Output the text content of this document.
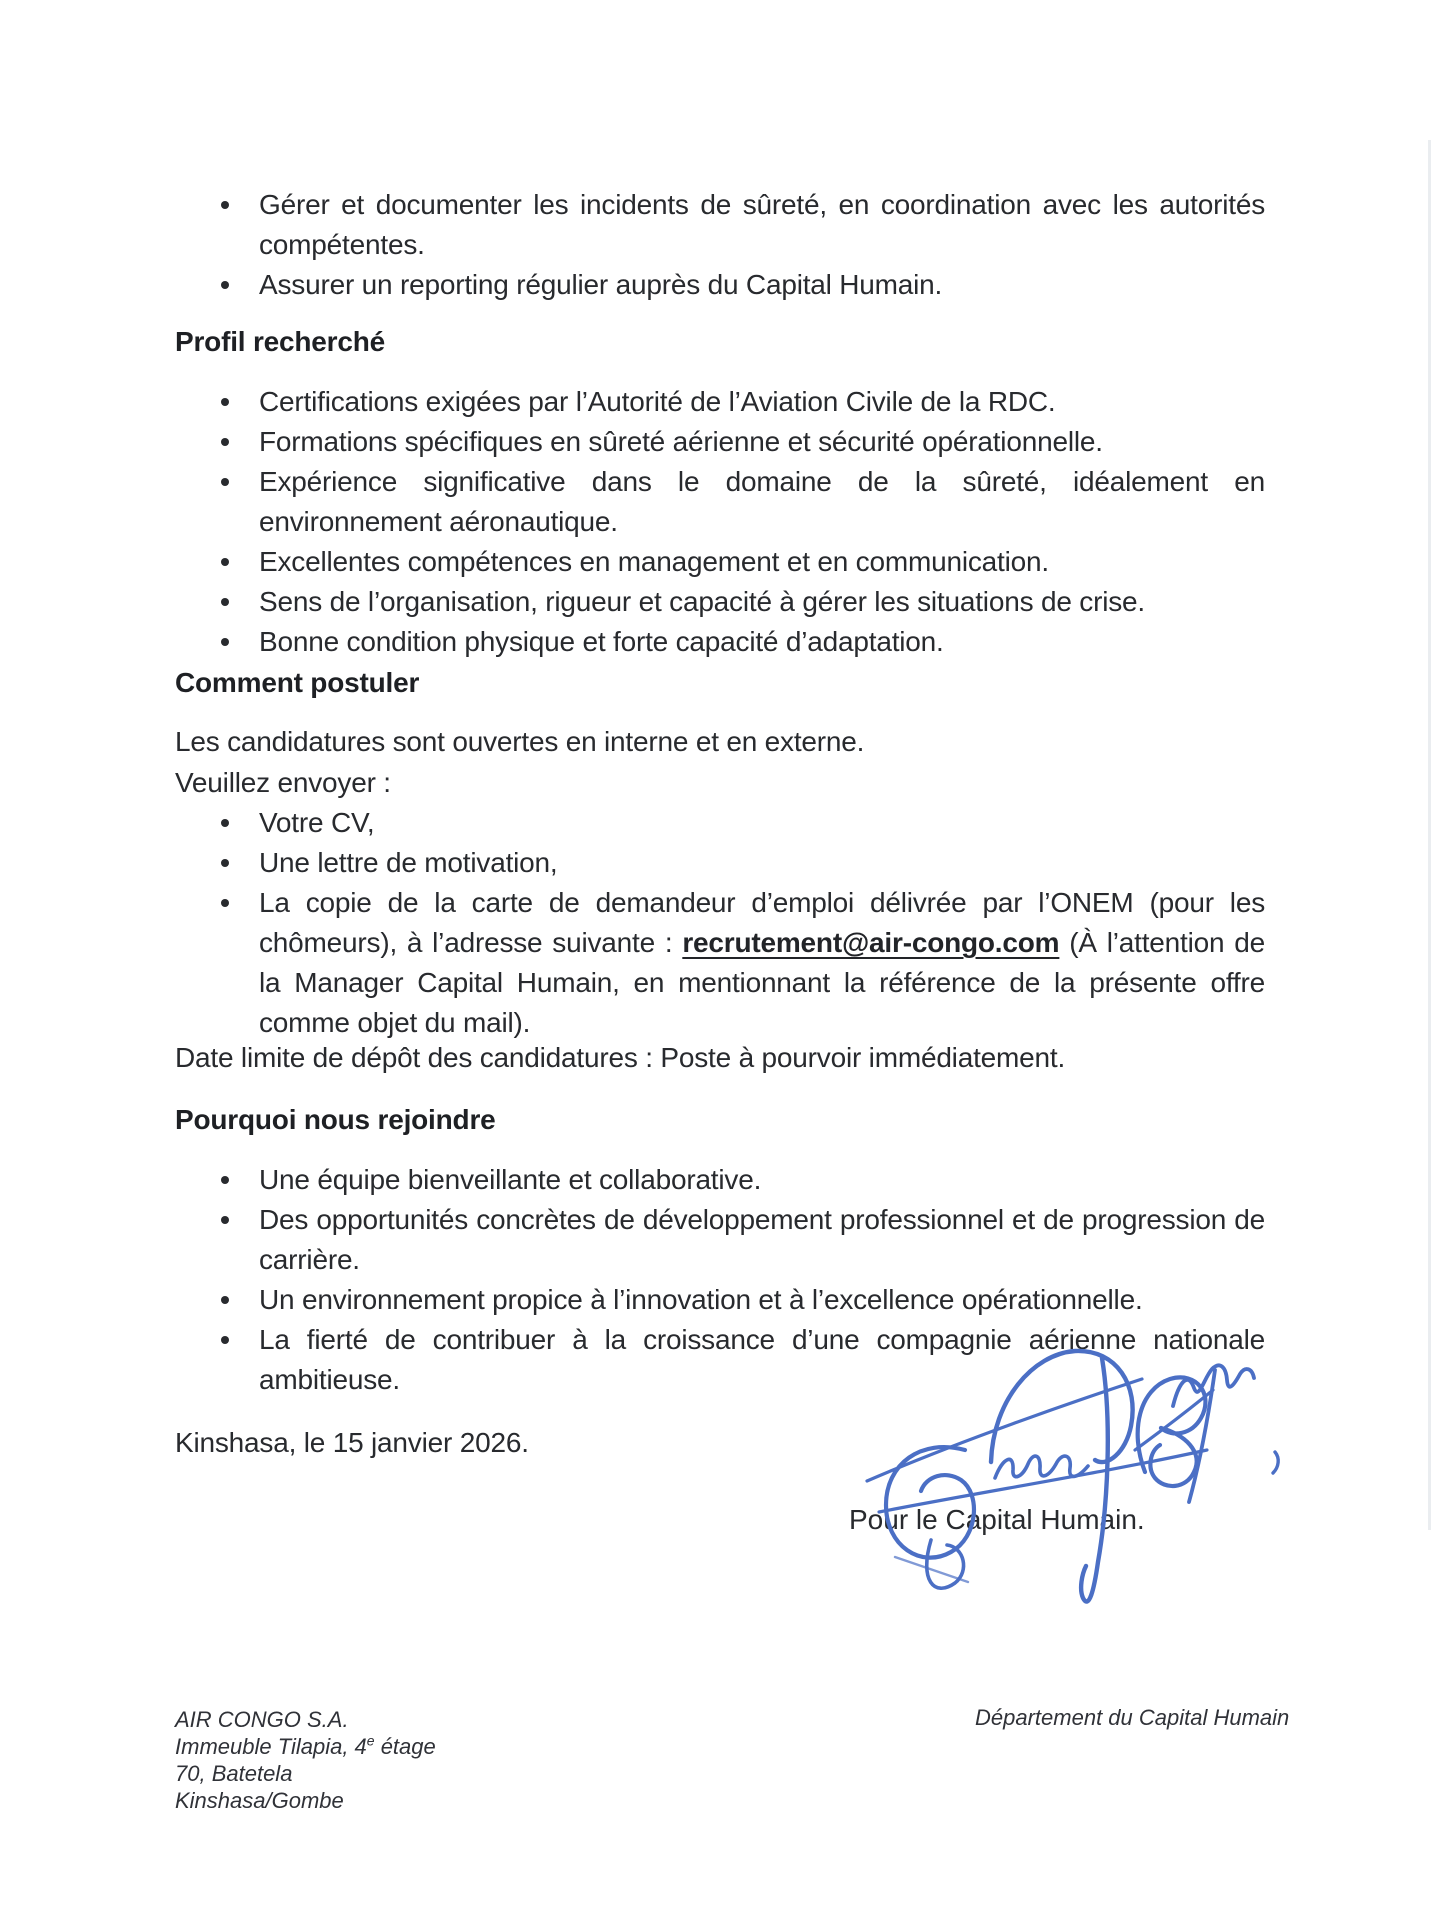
Gérer et documenter les incidents de sûreté, en coordination avec les autorités compétentes.
Assurer un reporting régulier auprès du Capital Humain.
Profil recherché
Certifications exigées par l’Autorité de l’Aviation Civile de la RDC.
Formations spécifiques en sûreté aérienne et sécurité opérationnelle.
Expérience significative dans le domaine de la sûreté, idéalement en environnement aéronautique.
Excellentes compétences en management et en communication.
Sens de l’organisation, rigueur et capacité à gérer les situations de crise.
Bonne condition physique et forte capacité d’adaptation.
Comment postuler
Les candidatures sont ouvertes en interne et en externe.
Veuillez envoyer :
Votre CV,
Une lettre de motivation,
La copie de la carte de demandeur d’emploi délivrée par l’ONEM (pour les chômeurs), à l’adresse suivante : recrutement@air-congo.com (À l’attention de la Manager Capital Humain, en mentionnant la référence de la présente offre comme objet du mail).
Date limite de dépôt des candidatures : Poste à pourvoir immédiatement.
Pourquoi nous rejoindre
Une équipe bienveillante et collaborative.
Des opportunités concrètes de développement professionnel et de progression de carrière.
Un environnement propice à l’innovation et à l’excellence opérationnelle.
La fierté de contribuer à la croissance d’une compagnie aérienne nationale ambitieuse.
Kinshasa, le 15 janvier 2026.
Pour le Capital Humain.
AIR CONGO S.A.
Immeuble Tilapia, 4e étage
70, Batetela
Kinshasa/Gombe
Département du Capital Humain
